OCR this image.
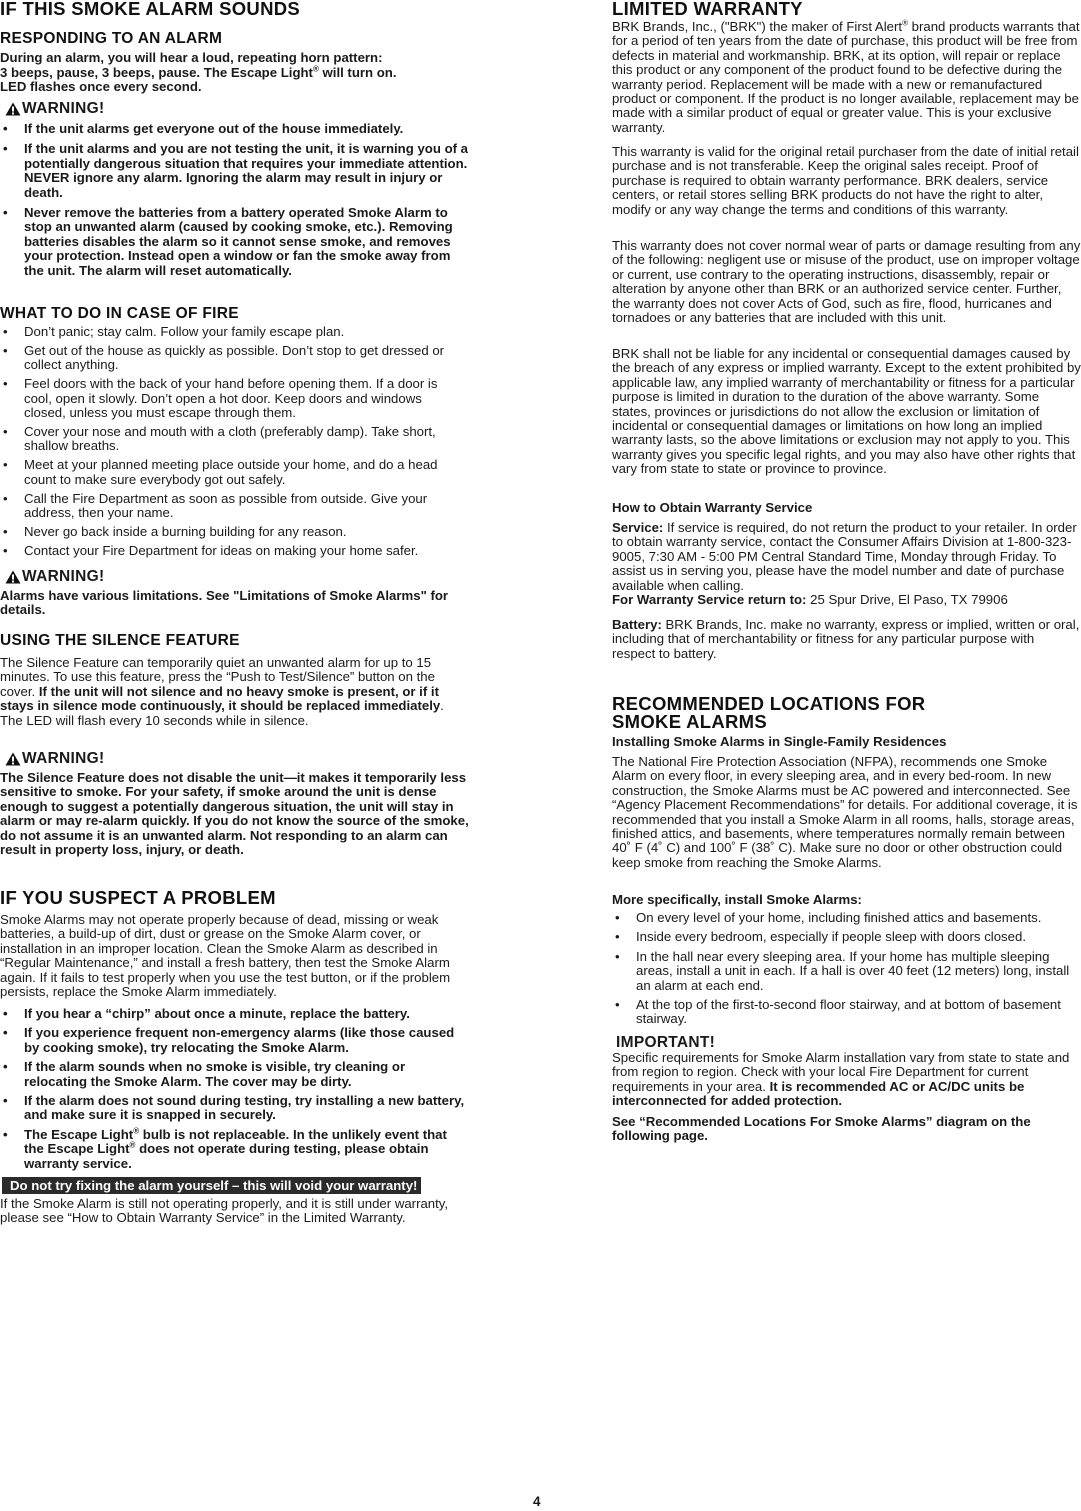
IF THIS SMOKE ALARM SOUNDS
RESPONDING TO AN ALARM
During an alarm, you will hear a loud, repeating horn pattern:
3 beeps, pause, 3 beeps, pause. The Escape Light® will turn on.
LED flashes once every second.
WARNING!
• If the unit alarms get everyone out of the house immediately.
• If the unit alarms and you are not testing the unit, it is warning you of a potentially dangerous situation that requires your immediate attention. NEVER ignore any alarm. Ignoring the alarm may result in injury or death.
• Never remove the batteries from a battery operated Smoke Alarm to stop an unwanted alarm (caused by cooking smoke, etc.). Removing batteries disables the alarm so it cannot sense smoke, and removes your protection. Instead open a window or fan the smoke away from the unit. The alarm will reset automatically.
WHAT TO DO IN CASE OF FIRE
• Don’t panic; stay calm. Follow your family escape plan.
• Get out of the house as quickly as possible. Don’t stop to get dressed or collect anything.
• Feel doors with the back of your hand before opening them. If a door is cool, open it slowly. Don’t open a hot door. Keep doors and windows closed, unless you must escape through them.
• Cover your nose and mouth with a cloth (preferably damp). Take short, shallow breaths.
• Meet at your planned meeting place outside your home, and do a head count to make sure everybody got out safely.
• Call the Fire Department as soon as possible from outside. Give your address, then your name.
• Never go back inside a burning building for any reason.
• Contact your Fire Department for ideas on making your home safer.
WARNING!

Alarms have various limitations. See "Limitations of Smoke Alarms" for details.

USING THE SILENCE FEATURE

The Silence Feature can temporarily quiet an unwanted alarm for up to 15 minutes. To use this feature, press the “Push to Test/Silence” button on the cover. If the unit will not silence and no heavy smoke is present, or if it stays in silence mode continuously, it should be replaced immediately. The LED will flash every 10 seconds while in silence.

WARNING!

The Silence Feature does not disable the unit—it makes it temporarily less sensitive to smoke. For your safety, if smoke around the unit is dense enough to suggest a potentially dangerous situation, the unit will stay in alarm or may re-alarm quickly. If you do not know the source of the smoke, do not assume it is an unwanted alarm. Not responding to an alarm can result in property loss, injury, or death.

IF YOU SUSPECT A PROBLEM

Smoke Alarms may not operate properly because of dead, missing or weak batteries, a build-up of dirt, dust or grease on the Smoke Alarm cover, or installation in an improper location. Clean the Smoke Alarm as described in “Regular Maintenance,” and install a fresh battery, then test the Smoke Alarm again. If it fails to test properly when you use the test button, or if the problem persists, replace the Smoke Alarm immediately.

• If you hear a “chirp” about once a minute, replace the battery.
• If you experience frequent non-emergency alarms (like those caused by cooking smoke), try relocating the Smoke Alarm.
• If the alarm sounds when no smoke is visible, try cleaning or relocating the Smoke Alarm. The cover may be dirty.
• If the alarm does not sound during testing, try installing a new battery, and make sure it is snapped in securely.
• The Escape Light® bulb is not replaceable. In the unlikely event that the Escape Light® does not operate during testing, please obtain warranty service.
Do not try fixing the alarm yourself – this will void your warranty!

If the Smoke Alarm is still not operating properly, and it is still under warranty, please see “How to Obtain Warranty Service” in the Limited Warranty.

LIMITED WARRANTY

BRK Brands, Inc., ("BRK") the maker of First Alert® brand products warrants that for a period of ten years from the date of purchase, this product will be free from defects in material and workmanship. BRK, at its option, will repair or replace this product or any component of the product found to be defective during the warranty period. Replacement will be made with a new or remanufactured product or component. If the product is no longer available, replacement may be made with a similar product of equal or greater value. This is your exclusive warranty.

This warranty is valid for the original retail purchaser from the date of initial retail purchase and is not transferable. Keep the original sales receipt. Proof of purchase is required to obtain warranty performance. BRK dealers, service centers, or retail stores selling BRK products do not have the right to alter, modify or any way change the terms and conditions of this warranty.

This warranty does not cover normal wear of parts or damage resulting from any of the following: negligent use or misuse of the product, use on improper voltage or current, use contrary to the operating instructions, disassembly, repair or alteration by anyone other than BRK or an authorized service center. Further, the warranty does not cover Acts of God, such as fire, flood, hurricanes and tornadoes or any batteries that are included with this unit.

BRK shall not be liable for any incidental or consequential damages caused by the breach of any express or implied warranty. Except to the extent prohibited by applicable law, any implied warranty of merchantability or fitness for a particular purpose is limited in duration to the duration of the above warranty. Some states, provinces or jurisdictions do not allow the exclusion or limitation of incidental or consequential damages or limitations on how long an implied warranty lasts, so the above limitations or exclusion may not apply to you. This warranty gives you specific legal rights, and you may also have other rights that vary from state to state or province to province.

How to Obtain Warranty Service

Service: If service is required, do not return the product to your retailer. In order to obtain warranty service, contact the Consumer Affairs Division at 1-800-323-9005, 7:30 AM - 5:00 PM Central Standard Time, Monday through Friday. To assist us in serving you, please have the model number and date of purchase available when calling.
For Warranty Service return to: 25 Spur Drive, El Paso, TX 79906

Battery: BRK Brands, Inc. make no warranty, express or implied, written or oral, including that of merchantability or fitness for any particular purpose with respect to battery.

RECOMMENDED LOCATIONS FOR
SMOKE ALARMS

Installing Smoke Alarms in Single-Family Residences

The National Fire Protection Association (NFPA), recommends one Smoke Alarm on every floor, in every sleeping area, and in every bed-room. In new construction, the Smoke Alarms must be AC powered and interconnected. See “Agency Placement Recommendations” for details. For additional coverage, it is recommended that you install a Smoke Alarm in all rooms, halls, storage areas, finished attics, and basements, where temperatures normally remain between 40˚ F (4˚ C) and 100˚ F (38˚ C). Make sure no door or other obstruction could keep smoke from reaching the Smoke Alarms.

More specifically, install Smoke Alarms:

• On every level of your home, including finished attics and basements.
• Inside every bedroom, especially if people sleep with doors closed.
• In the hall near every sleeping area. If your home has multiple sleeping areas, install a unit in each. If a hall is over 40 feet (12 meters) long, install an alarm at each end.
• At the top of the first-to-second floor stairway, and at bottom of basement stairway.
IMPORTANT!

Specific requirements for Smoke Alarm installation vary from state to state and from region to region. Check with your local Fire Department for current requirements in your area. It is recommended AC or AC/DC units be interconnected for added protection.

See “Recommended Locations For Smoke Alarms” diagram on the following page.

4
